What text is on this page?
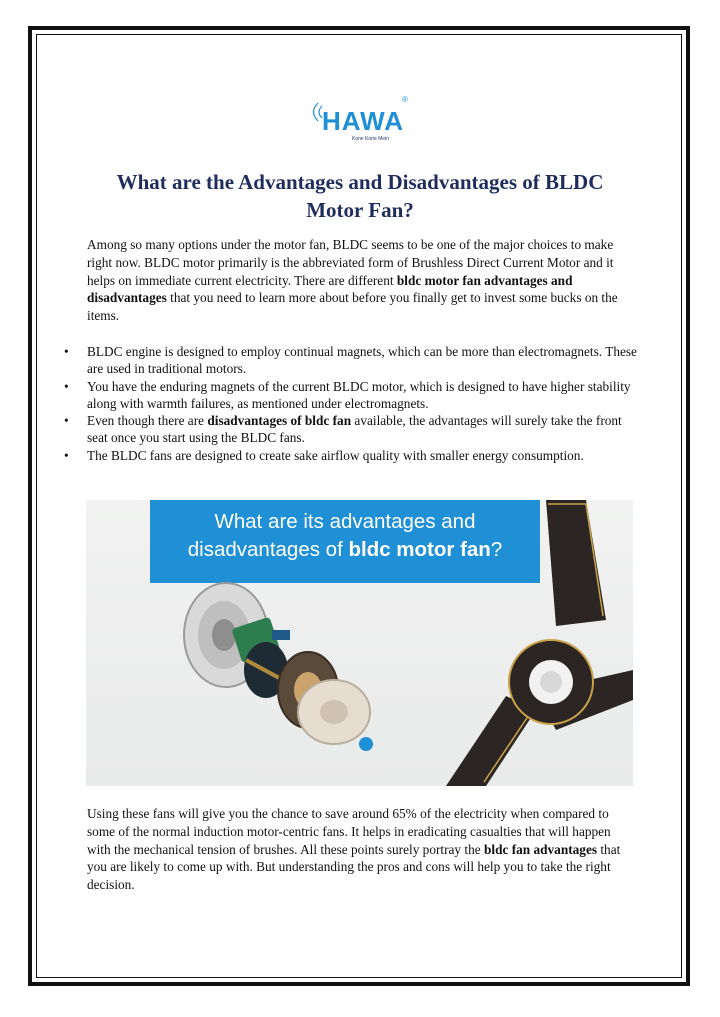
HAWA
®
Kone Kone Mein
What are the Advantages and Disadvantages of BLDC Motor Fan?

Among so many options under the motor fan, BLDC seems to be one of the major choices to make right now. BLDC motor primarily is the abbreviated form of Brushless Direct Current Motor and it helps on immediate current electricity. There are different bldc motor fan advantages and disadvantages that you need to learn more about before you finally get to invest some bucks on the items.

• BLDC engine is designed to employ continual magnets, which can be more than electromagnets. These are used in traditional motors.
• You have the enduring magnets of the current BLDC motor, which is designed to have higher stability along with warmth failures, as mentioned under electromagnets.
• Even though there are disadvantages of bldc fan available, the advantages will surely take the front seat once you start using the BLDC fans.
• The BLDC fans are designed to create sake airflow quality with smaller energy consumption.
What are its advantages and
disadvantages of bldc motor fan?

Using these fans will give you the chance to save around 65% of the electricity when compared to some of the normal induction motor-centric fans. It helps in eradicating casualties that will happen with the mechanical tension of brushes. All these points surely portray the bldc fan advantages that you are likely to come up with. But understanding the pros and cons will help you to take the right decision.
